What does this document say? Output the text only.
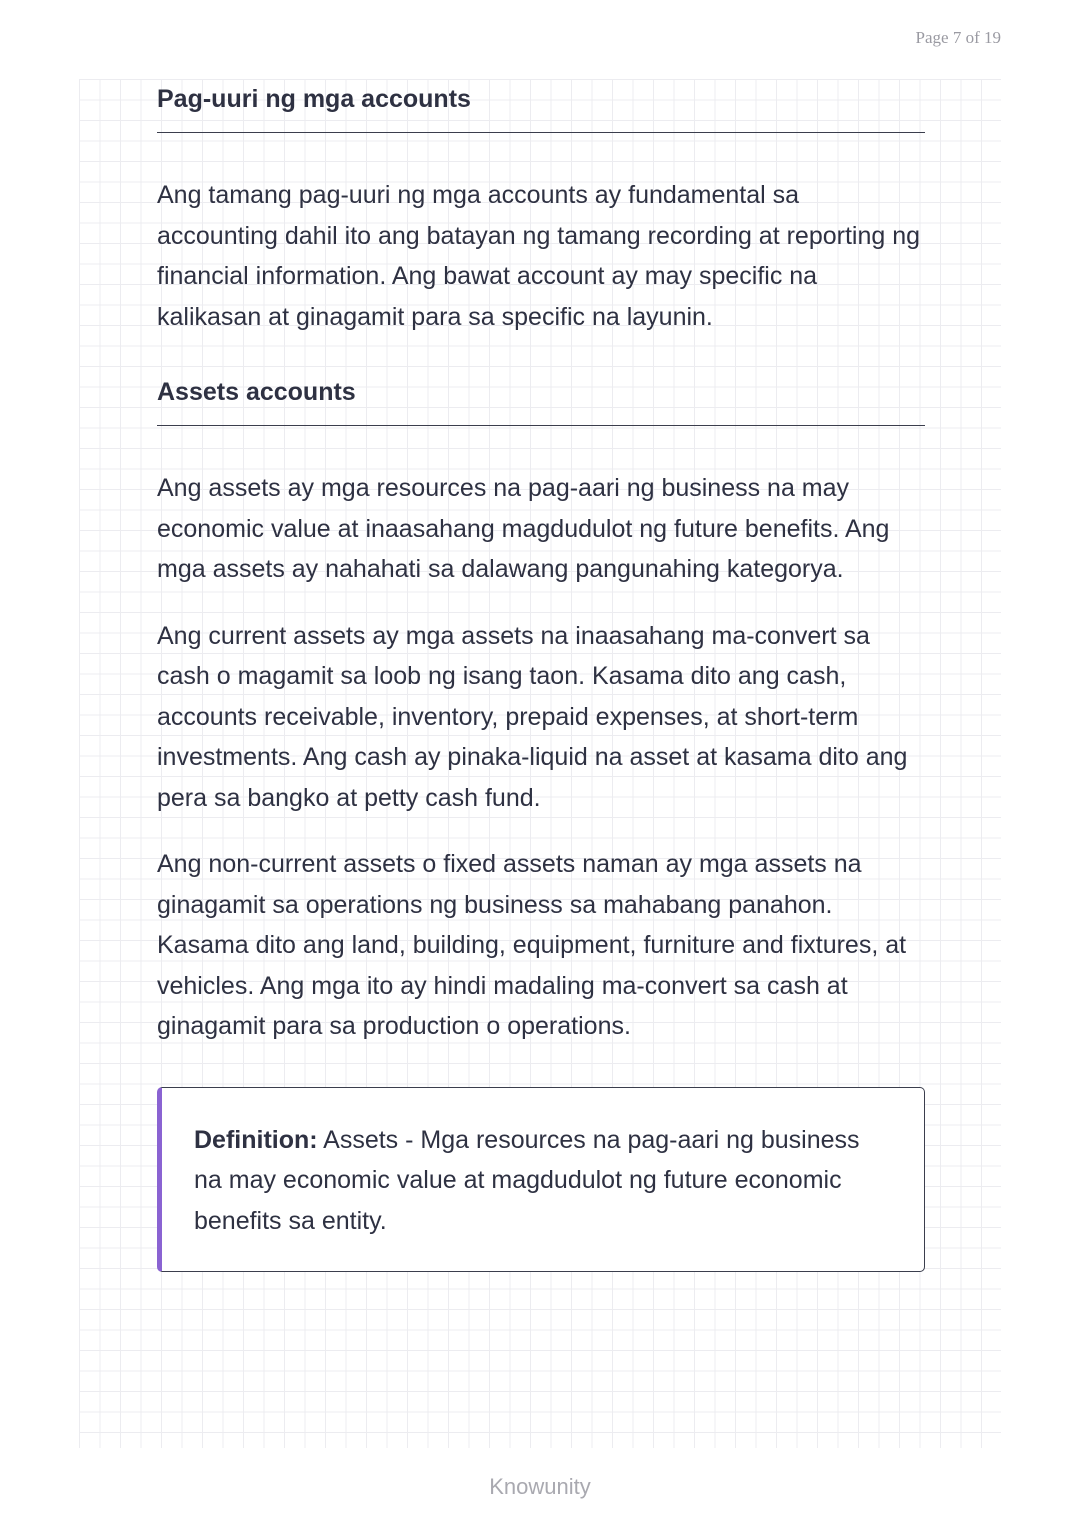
Page 7 of 19
Pag-uuri ng mga accounts

Ang tamang pag-uuri ng mga accounts ay fundamental sa accounting dahil ito ang batayan ng tamang recording at reporting ng financial information. Ang bawat account ay may specific na kalikasan at ginagamit para sa specific na layunin.

Assets accounts

Ang assets ay mga resources na pag-aari ng business na may economic value at inaasahang magdudulot ng future benefits. Ang mga assets ay nahahati sa dalawang pangunahing kategorya.

Ang current assets ay mga assets na inaasahang ma-convert sa cash o magamit sa loob ng isang taon. Kasama dito ang cash, accounts receivable, inventory, prepaid expenses, at short-term investments. Ang cash ay pinaka-liquid na asset at kasama dito ang pera sa bangko at petty cash fund.

Ang non-current assets o fixed assets naman ay mga assets na ginagamit sa operations ng business sa mahabang panahon. Kasama dito ang land, building, equipment, furniture and fixtures, at vehicles. Ang mga ito ay hindi madaling ma-convert sa cash at ginagamit para sa production o operations.

Definition: Assets - Mga resources na pag-aari ng business na may economic value at magdudulot ng future economic benefits sa entity.

Knowunity
